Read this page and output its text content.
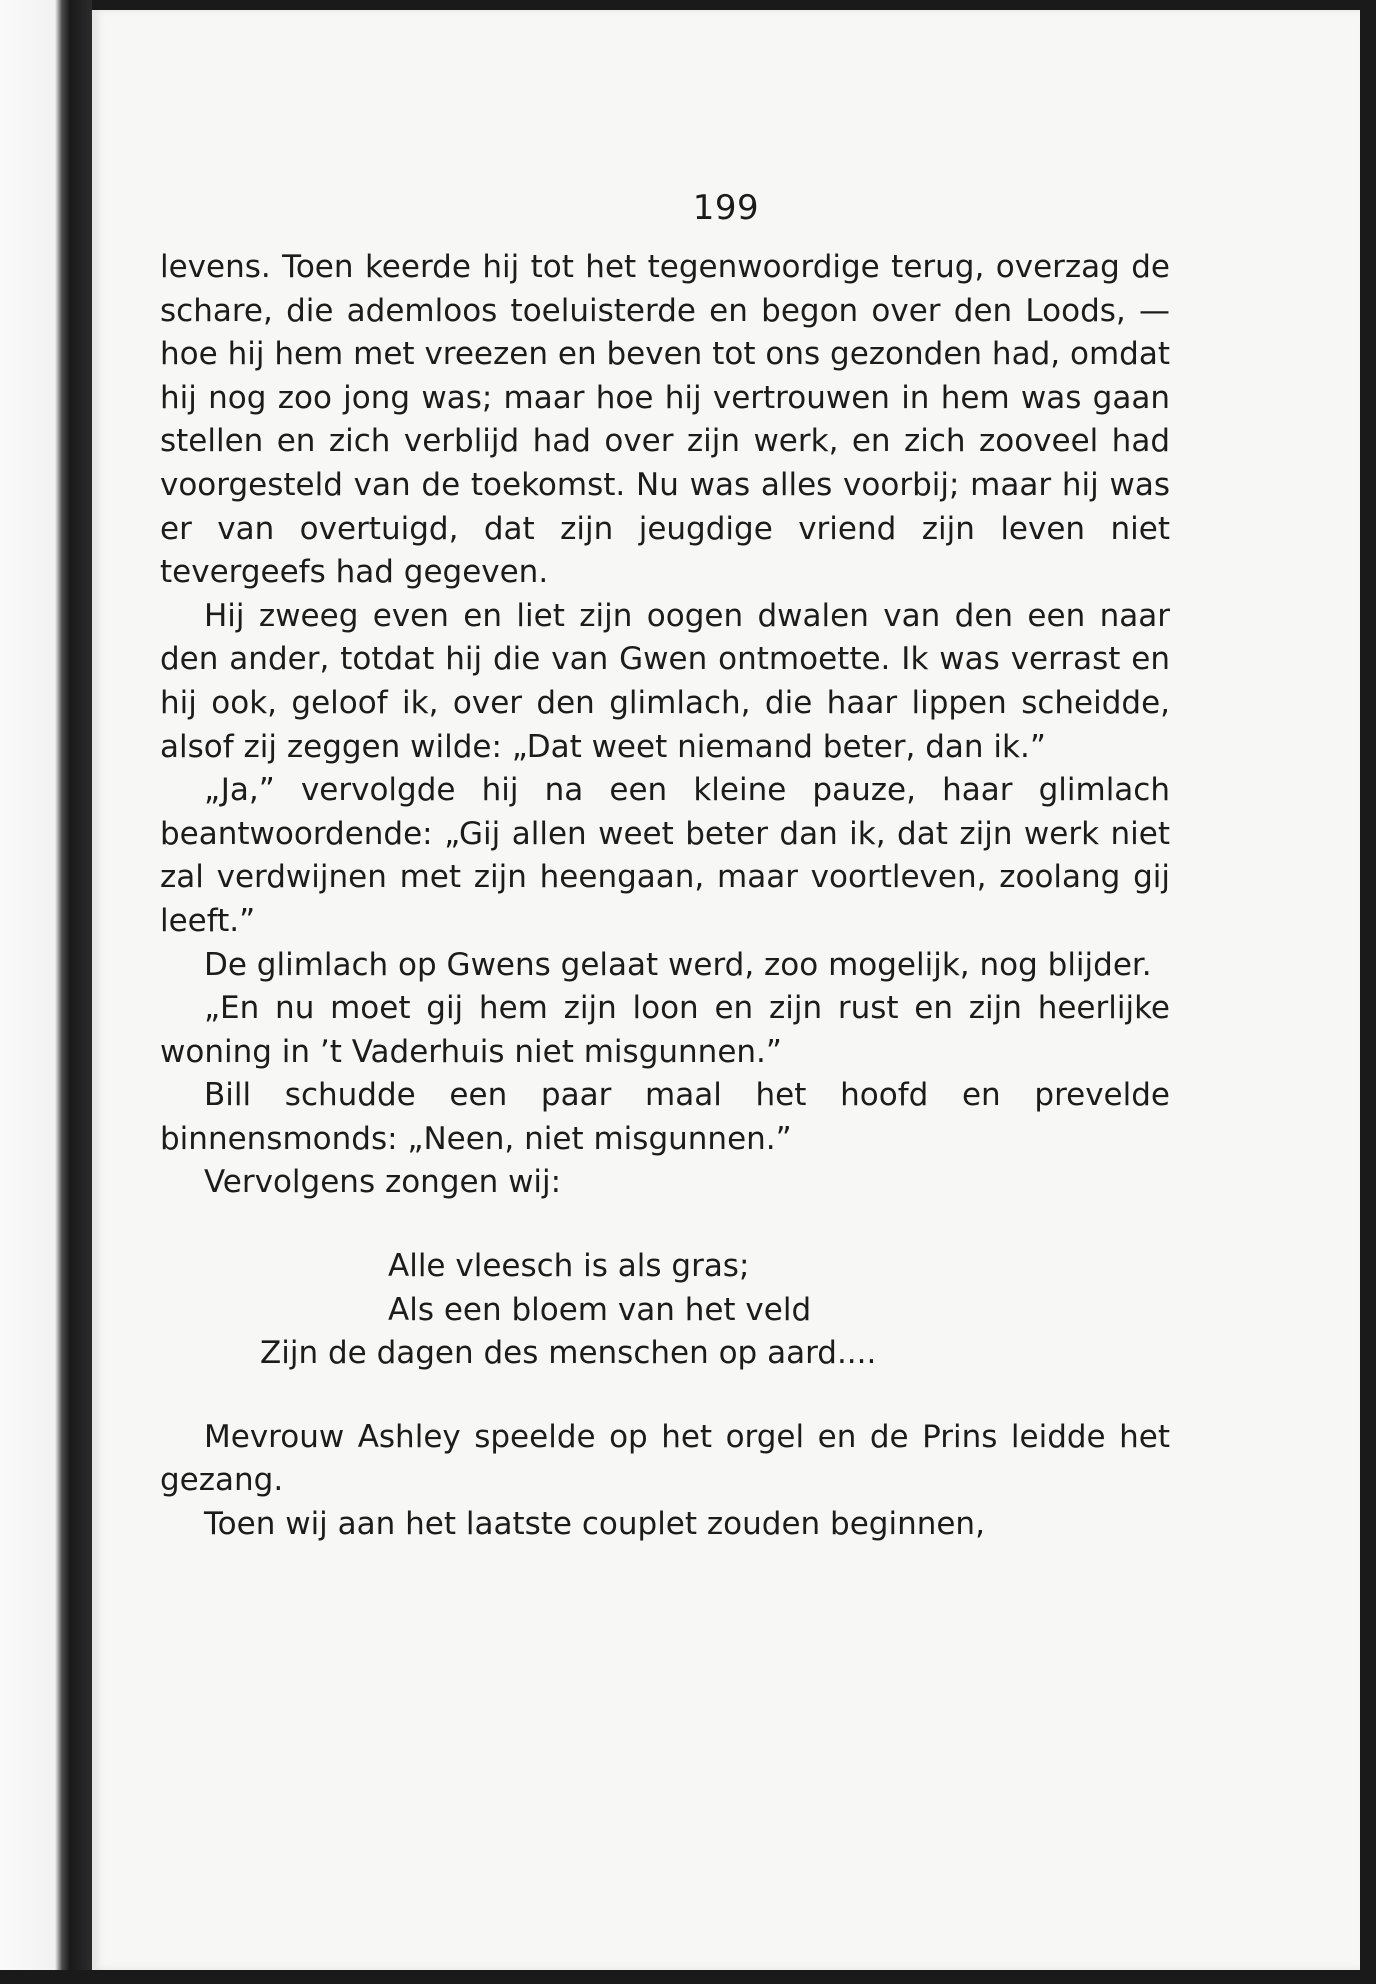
199

levens. Toen keerde hij tot het tegenwoordige terug, overzag de schare, die ademloos toeluisterde en begon over den Loods, — hoe hij hem met vreezen en beven tot ons gezonden had, omdat hij nog zoo jong was; maar hoe hij vertrouwen in hem was gaan stellen en zich verblijd had over zijn werk, en zich zooveel had voorgesteld van de toekomst. Nu was alles voorbij; maar hij was er van overtuigd, dat zijn jeugdige vriend zijn leven niet tevergeefs had gegeven.

Hij zweeg even en liet zijn oogen dwalen van den een naar den ander, totdat hij die van Gwen ontmoette. Ik was verrast en hij ook, geloof ik, over den glimlach, die haar lippen scheidde, alsof zij zeggen wilde: „Dat weet niemand beter, dan ik.”

„Ja,” vervolgde hij na een kleine pauze, haar glimlach beantwoordende: „Gij allen weet beter dan ik, dat zijn werk niet zal verdwijnen met zijn heengaan, maar voortleven, zoolang gij leeft.”

De glimlach op Gwens gelaat werd, zoo mogelijk, nog blijder.

„En nu moet gij hem zijn loon en zijn rust en zijn heerlijke woning in ’t Vaderhuis niet misgunnen.”

Bill schudde een paar maal het hoofd en prevelde binnensmonds: „Neen, niet misgunnen.”

Vervolgens zongen wij:

Alle vleesch is als gras;
Als een bloem van het veld
Zijn de dagen des menschen op aard....

Mevrouw Ashley speelde op het orgel en de Prins leidde het gezang.

Toen wij aan het laatste couplet zouden beginnen,
